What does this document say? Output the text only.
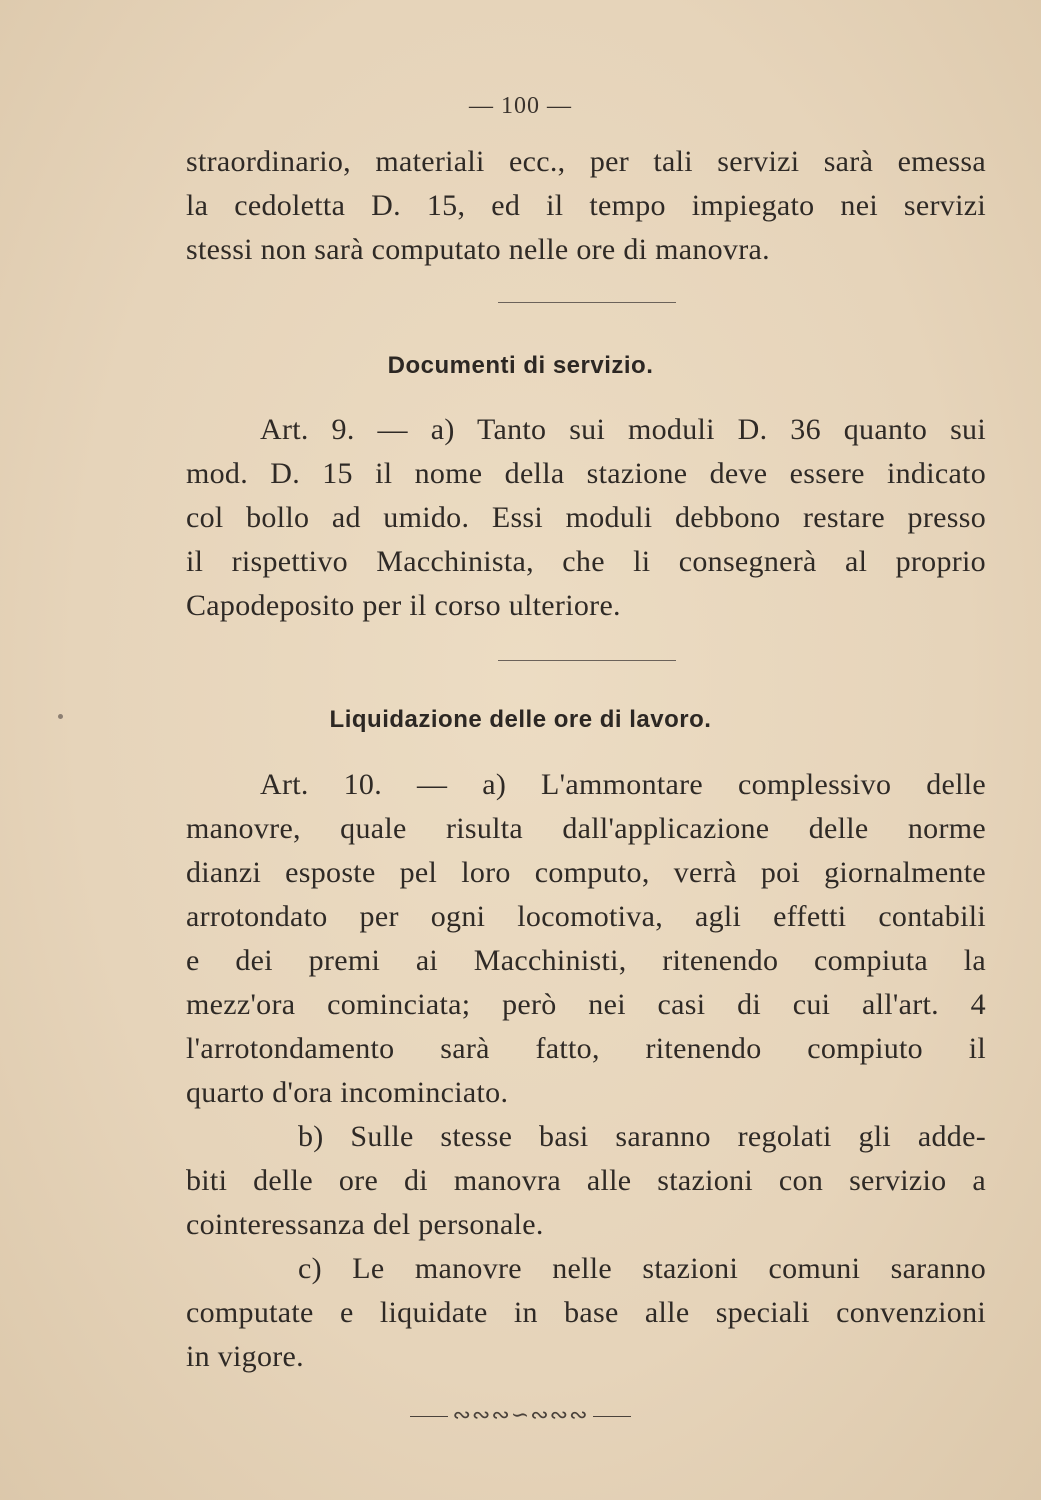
— 100 —
straordinario, materiali ecc., per tali servizi sarà emessa
la cedoletta D. 15, ed il tempo impiegato nei servizi
stessi non sarà computato nelle ore di manovra.
Documenti di servizio.
Art. 9. — a) Tanto sui moduli D. 36 quanto sui
mod. D. 15 il nome della stazione deve essere indicato
col bollo ad umido. Essi moduli debbono restare presso
il rispettivo Macchinista, che li consegnerà al proprio
Capodeposito per il corso ulteriore.
Liquidazione delle ore di lavoro.
Art. 10. — a) L'ammontare complessivo delle
manovre, quale risulta dall'applicazione delle norme
dianzi esposte pel loro computo, verrà poi giornalmente
arrotondato per ogni locomotiva, agli effetti contabili
e dei premi ai Macchinisti, ritenendo compiuta la
mezz'ora cominciata; però nei casi di cui all'art. 4
l'arrotondamento sarà fatto, ritenendo compiuto il
quarto d'ora incominciato.
b) Sulle stesse basi saranno regolati gli adde-
biti delle ore di manovra alle stazioni con servizio a
cointeressanza del personale.
c) Le manovre nelle stazioni comuni saranno
computate e liquidate in base alle speciali convenzioni
in vigore.
∾∾∾∽∾∾∾
